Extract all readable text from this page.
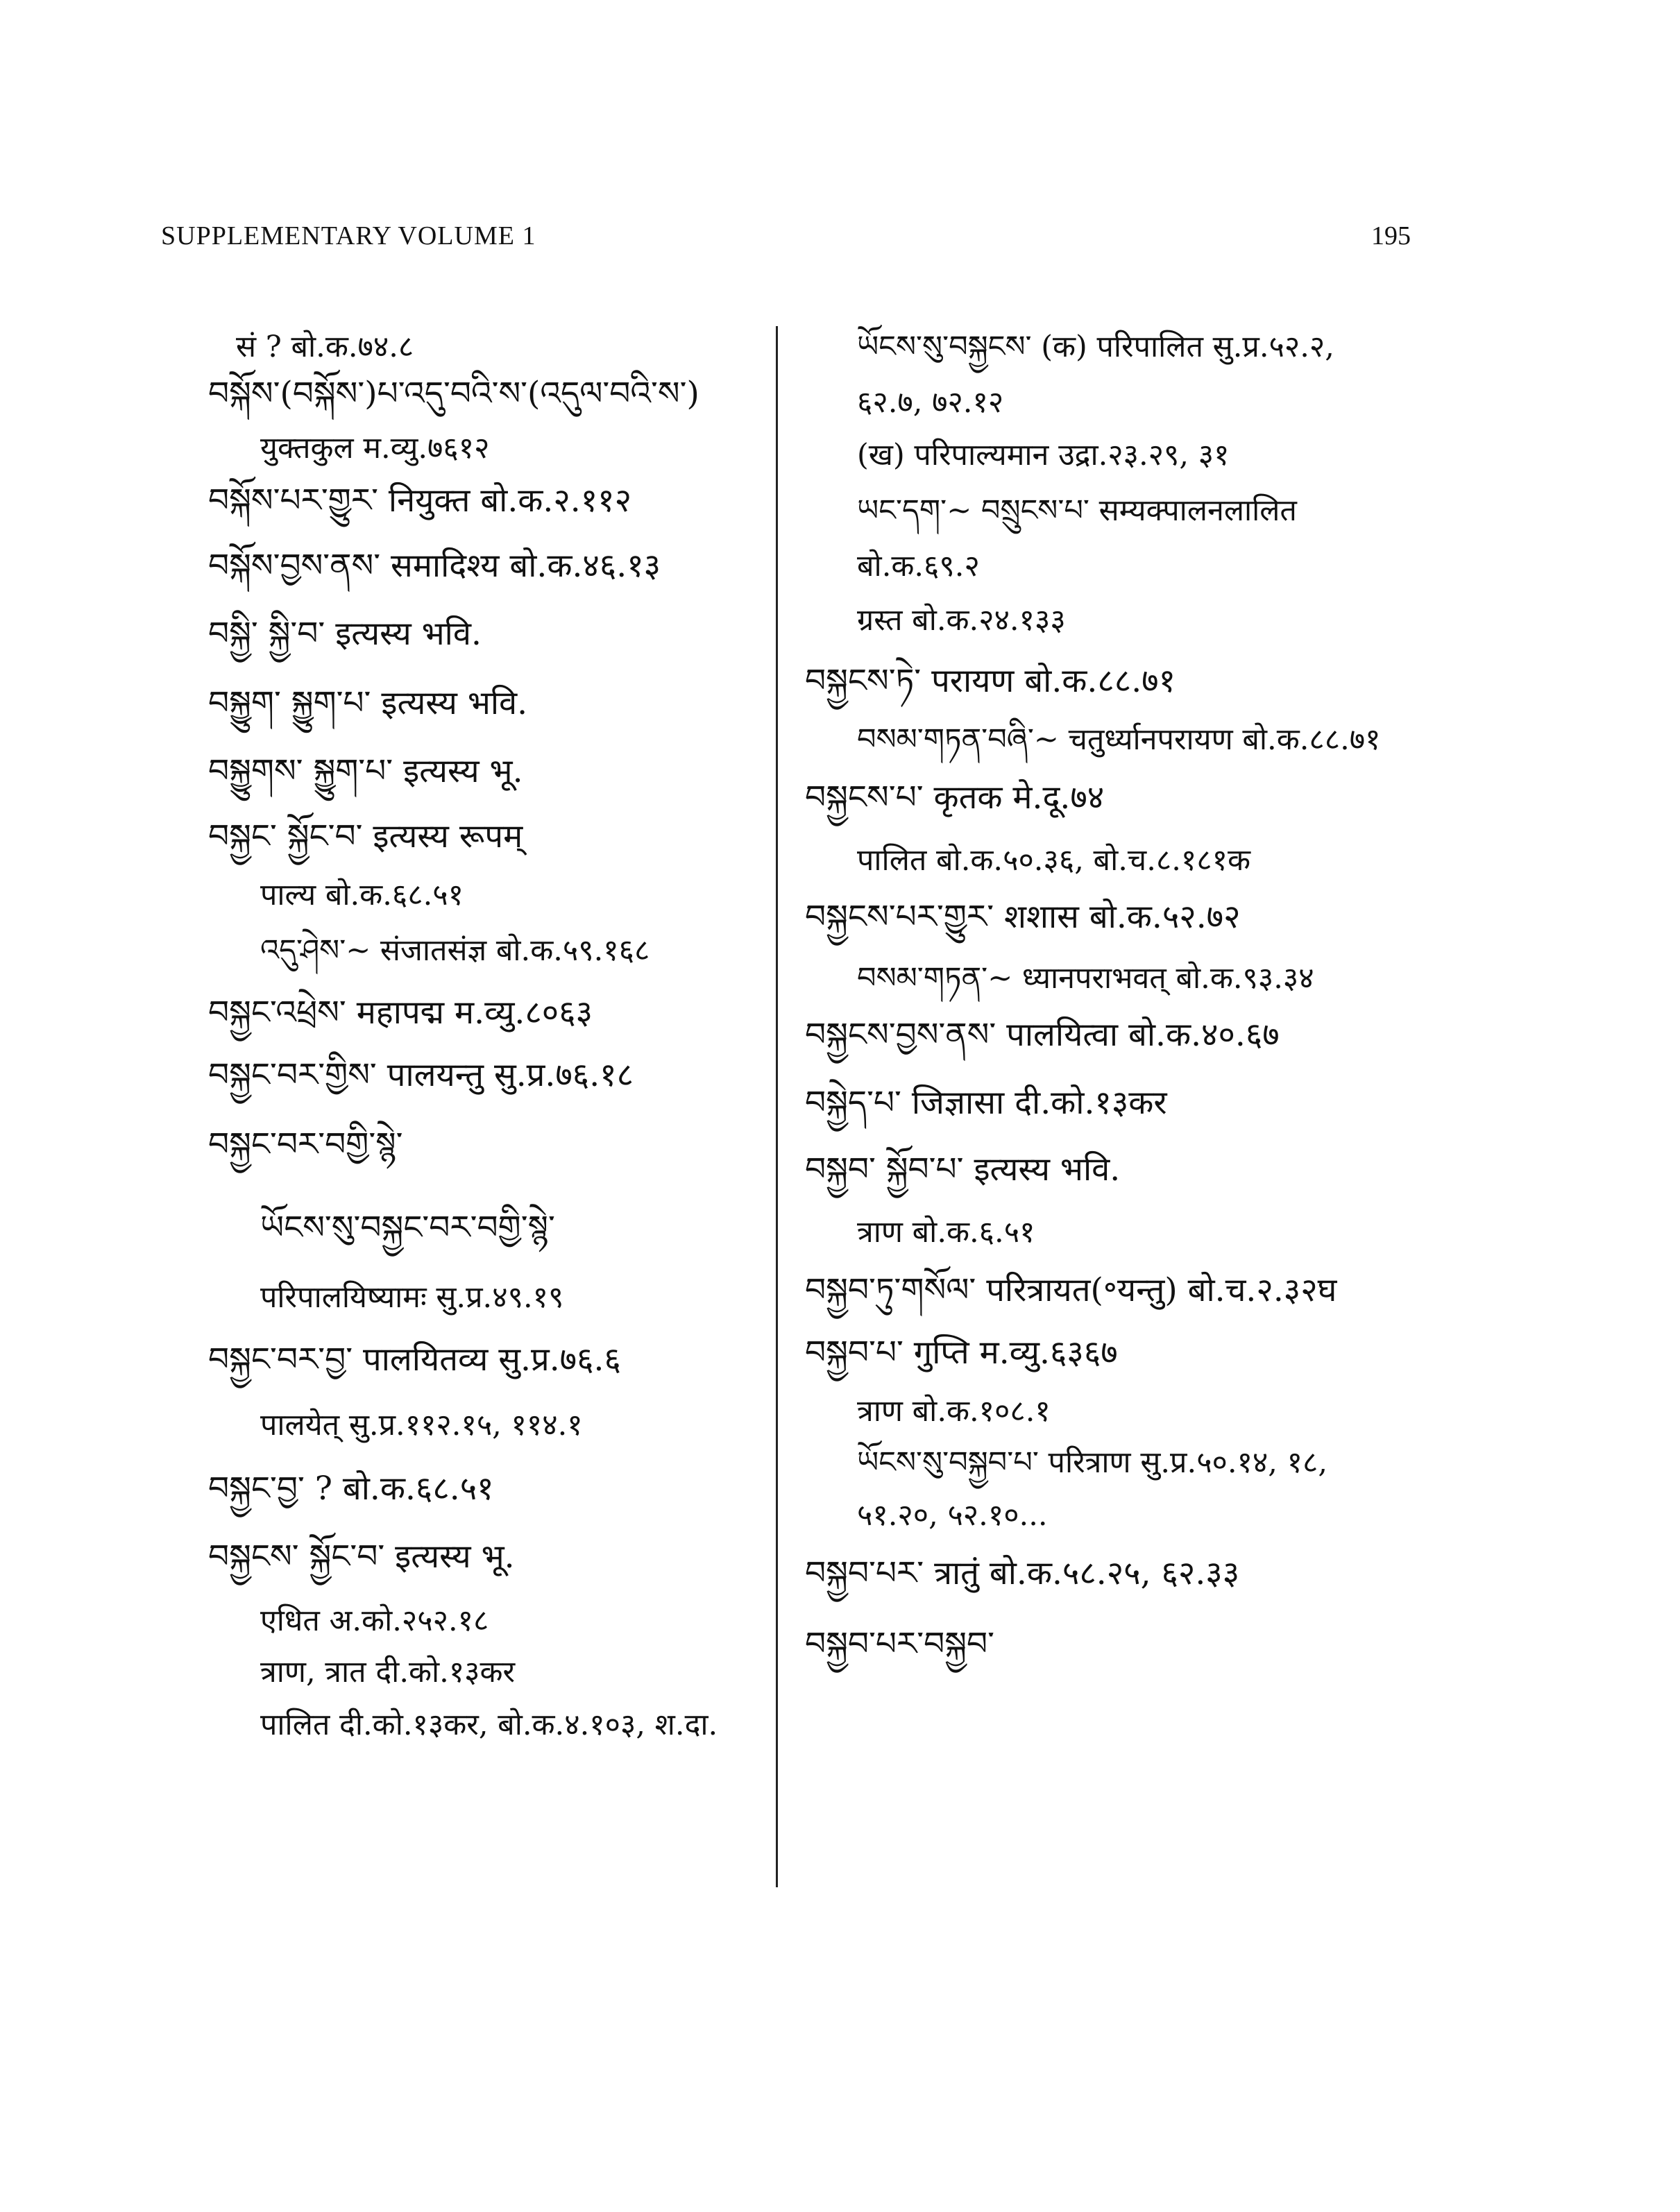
SUPPLEMENTARY VOLUME 1	195
सं ? बो.क.७४.८
བསྐོས་(བསྐོས་)པ་འདུ་བའི་ས་(འདུལ་བའི་ས་)
युक्तकुल म.व्यु.७६१२
བསྐོས་པར་གྱུར་ नियुक्त बो.क.२.११२
བསྐོས་བྱས་ནས་ समादिश्य बो.क.४६.१३
བསྐྱི་ སྐྱི་བ་ इत्यस्य भवि.
བསྐྱུག་ སྐྱུག་པ་ इत्यस्य भवि.
བསྐྱུགས་ སྐྱུག་པ་ इत्यस्य भू.
བསྐྱང་ སྐྱོང་བ་ इत्यस्य रूपम्
पाल्य बो.क.६८.५१
འདུ་ཤེས་~ संजातसंज्ञ बो.क.५९.१६८
བསྐྱང་འཕྲེས་ महापद्म म.व्यु.८०६३
བསྐྱང་བར་གྱིས་ पालयन्तु सु.प्र.७६.१८
བསྐྱང་བར་བགྱི་སྙེ་
ཡོངས་སུ་བསྐྱང་བར་བགྱི་སྙེ་
परिपालयिष्यामः सु.प्र.४९.१९
བསྐྱང་བར་བྱ་ पालयितव्य सु.प्र.७६.६
पालयेत् सु.प्र.११२.१५, ११४.१
བསྐྱང་བྱ་ ? बो.क.६८.५१
བསྐྱངས་ སྐྱོང་བ་ इत्यस्य भू.
एधित अ.को.२५२.१८
त्राण, त्रात दी.को.१३कर
पालित दी.को.१३कर, बो.क.४.१०३, श.दा.
ཡོངས་སུ་བསྐྱངས་ (क) परिपालित सु.प्र.५२.२,
६२.७, ७२.१२
(ख) परिपाल्यमान उद्रा.२३.२९, ३१
ཡང་དག་~ བསྲུངས་པ་ सम्यक्पालनलालित
बो.क.६९.२
ग्रस्त बो.क.२४.१३३
བསྐྱངས་ཏེ་ परायण बो.क.८८.७१
བསམ་གཏན་བཞི་~ चतुर्ध्यानपरायण बो.क.८८.७१
བསྐྱངས་པ་ कृतक मे.दू.७४
पालित बो.क.५०.३६, बो.च.८.१८१क
བསྐྱངས་པར་གྱུར་ शशास बो.क.५२.७२
བསམ་གཏན་~ ध्यानपराभवत् बो.क.९३.३४
བསྐྱངས་བྱས་ནས་ पालयित्वा बो.क.४०.६७
བསྐྱེད་པ་ जिज्ञासा दी.को.१३कर
བསྐྱབ་ སྐྱོབ་པ་ इत्यस्य भवि.
त्राण बो.क.६.५१
བསྐྱབ་ཏུ་གསོལ་ परित्रायत(॰यन्तु) बो.च.२.३२घ
བསྐྱབ་པ་ गुप्ति म.व्यु.६३६७
त्राण बो.क.१०८.१
ཡོངས་སུ་བསྐྱབ་པ་ परित्राण सु.प्र.५०.१४, १८,
५१.२०, ५२.१०...
བསྐྱབ་པར་ त्रातुं बो.क.५८.२५, ६२.३३
བསྐྱབ་པར་བསྐྱབ་
